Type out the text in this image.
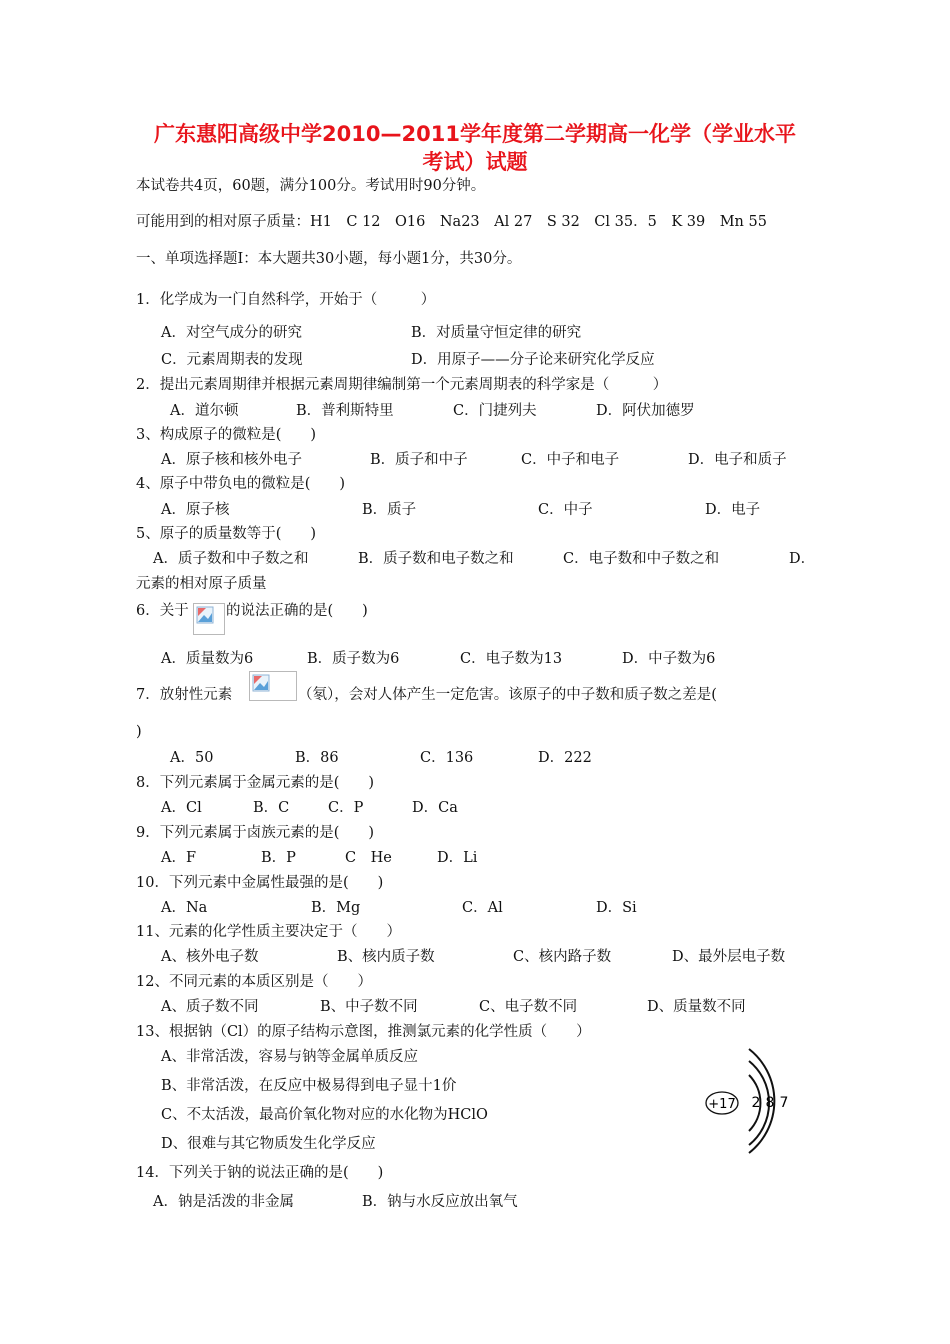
广东惠阳高级中学2010—2011学年度第二学期高一化学（学业水平
考试）试题
本试卷共4页，60题，满分100分。考试用时90分钟。
可能用到的相对原子质量：H1　C 12　O16　Na23　Al 27　S 32　Cl 35．5　K 39　Mn 55
一、单项选择题Ⅰ：本大题共30小题，每小题1分，共30分。
1．化学成为一门自然科学，开始于（　　　）
A．对空气成分的研究	B．对质量守恒定律的研究
C．元素周期表的发现	D．用原子——分子论来研究化学反应
2．提出元素周期律并根据元素周期律编制第一个元素周期表的科学家是（　　　）
A．道尔顿	B．普利斯特里	C．门捷列夫	D．阿伏加德罗
3、构成原子的微粒是(　　)
A．原子核和核外电子	B．质子和中子	C．中子和电子	D．电子和质子
4、原子中带负电的微粒是(　　)
A．原子核	B．质子	C．中子	D．电子
5、原子的质量数等于(　　)
A．质子数和中子数之和	B．质子数和电子数之和	C．电子数和中子数之和	D．
元素的相对原子质量
6．关于	的说法正确的是(　　)
A．质量数为6	B．质子数为6	C．电子数为13	D．中子数为6
7．放射性元素	（氡），会对人体产生一定危害。该原子的中子数和质子数之差是(
)
A．50	B．86	C．136	D．222
8．下列元素属于金属元素的是(　　)
A．Cl	B．C	C．P	D．Ca
9．下列元素属于卤族元素的是(　　)
A．F	B．P	C　He	D．Li
10．下列元素中金属性最强的是(　　)
A．Na	B．Mg	C．Al	D．Si
11、元素的化学性质主要决定于（　　）
A、核外电子数	B、核内质子数	C、核内路子数	D、最外层电子数
12、不同元素的本质区别是（　　）
A、质子数不同	B、中子数不同	C、电子数不同	D、质量数不同
13、根据钠（Cl）的原子结构示意图，推测氯元素的化学性质（　　）
A、非常活泼，容易与钠等金属单质反应
B、非常活泼，在反应中极易得到电子显十1价
C、不太活泼，最高价氧化物对应的水化物为HClO
D、很难与其它物质发生化学反应
+17 2 8 7
14．下列关于钠的说法正确的是(　　)
A．钠是活泼的非金属	B．钠与水反应放出氧气
